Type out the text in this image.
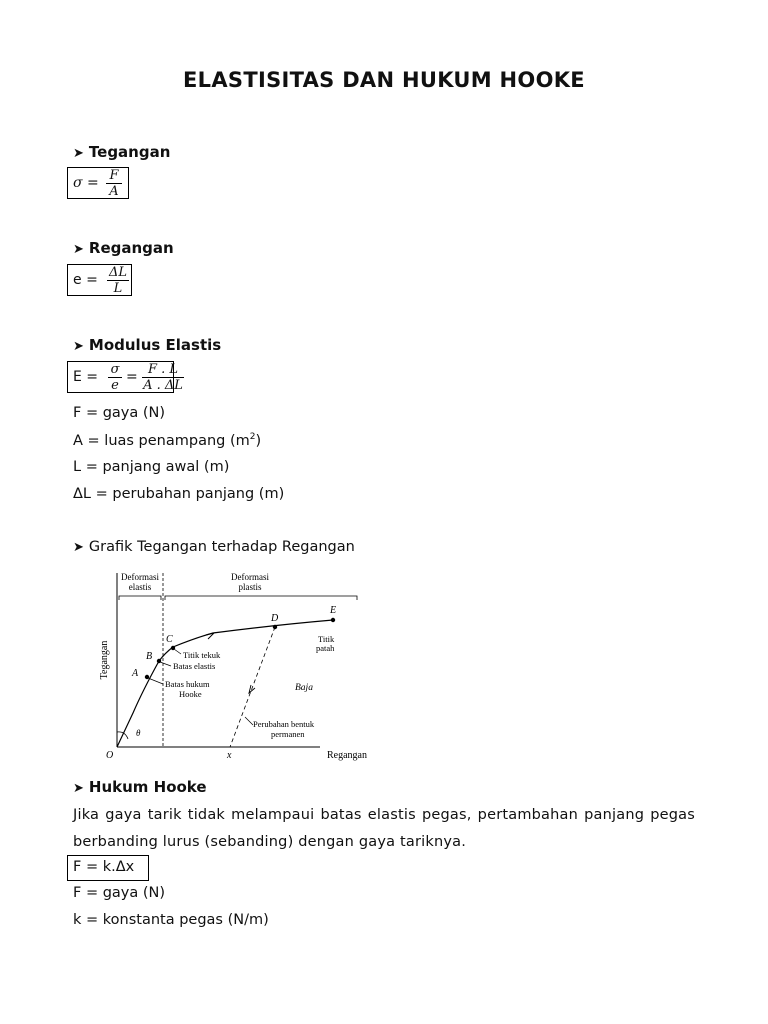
ELASTISITAS DAN HUKUM HOOKE
➤ Tegangan
σ = F
A
➤ Regangan
e = ΔL
L
➤ Modulus Elastis
E = σ
e
= F . L
A . ΔL
F = gaya (N)
A = luas penampang $(m^2)$
L = panjang awal (m)
ΔL = perubahan panjang (m)
➤ Grafik Tegangan terhadap Regangan
Deformasi
elastis
Deformasi
plastis
Tegangan
Regangan
θ
A
B
C
D
E
Titik tekuk
Batas elastis
Batas hukum
Hooke
Titik
patah
Baja
Perubahan bentuk
permanen
O	x
➤ Hukum Hooke
Jika gaya tarik tidak melampaui batas elastis pegas, pertambahan panjang pegas berbanding lurus (sebanding) dengan gaya tariknya.
F = k.Δx
F = gaya (N)
k = konstanta pegas (N/m)
